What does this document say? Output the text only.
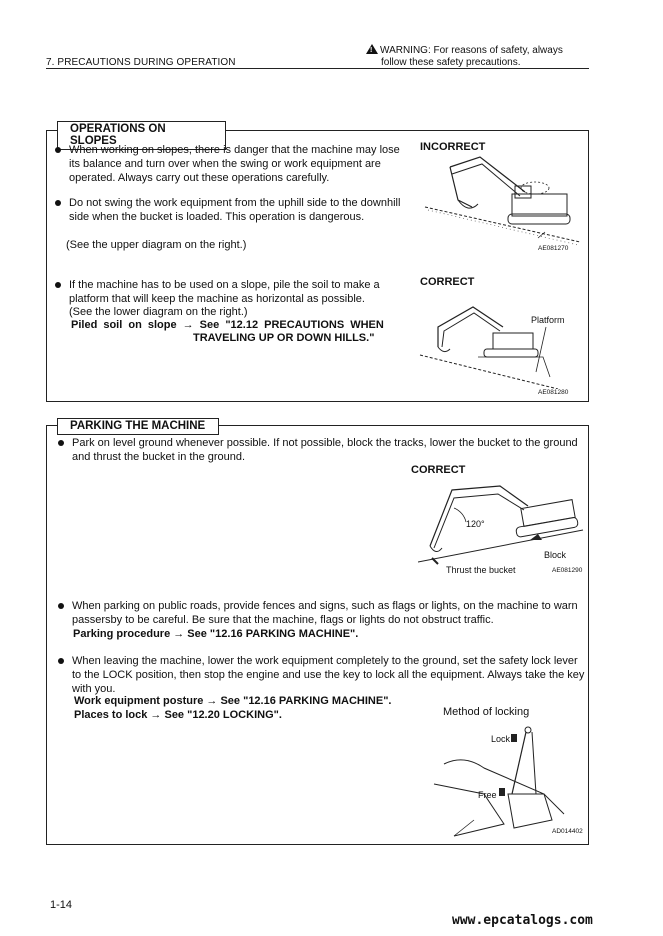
!WARNING: For reasons of safety, always
follow these safety precautions.
7. PRECAUTIONS DURING OPERATION
OPERATIONS ON SLOPES
When working on slopes, there is danger that the machine may lose its balance and turn over when the swing or work equipment are operated. Always carry out these operations carefully.
Do not swing the work equipment from the uphill side to the downhill side when the bucket is loaded. This operation is dangerous.
(See the upper diagram on the right.)
If the machine has to be used on a slope, pile the soil to make a platform that will keep the machine as horizontal as possible.
(See the lower diagram on the right.)
Piled soil on slope → See "12.12 PRECAUTIONS WHEN
TRAVELING UP OR DOWN HILLS."
INCORRECT
AE081270
CORRECT
Platform
AE081280
PARKING THE MACHINE
Park on level ground whenever possible. If not possible, block the tracks, lower the bucket to the ground and thrust the bucket in the ground.
CORRECT
120°
Block
Thrust the bucket	AE081290
When parking on public roads, provide fences and signs, such as flags or lights, on the machine to warn passersby to be careful. Be sure that the machine, flags or lights do not obstruct traffic.
Parking procedure → See "12.16 PARKING MACHINE".
When leaving the machine, lower the work equipment completely to the ground, set the safety lock lever to the LOCK position, then stop the engine and use the key to lock all the equipment. Always take the key with you.
Work equipment posture → See "12.16 PARKING MACHINE".
Places to lock → See "12.20 LOCKING".	Method of locking
Lock
Free
AD014402
1-14
www.epcatalogs.com
